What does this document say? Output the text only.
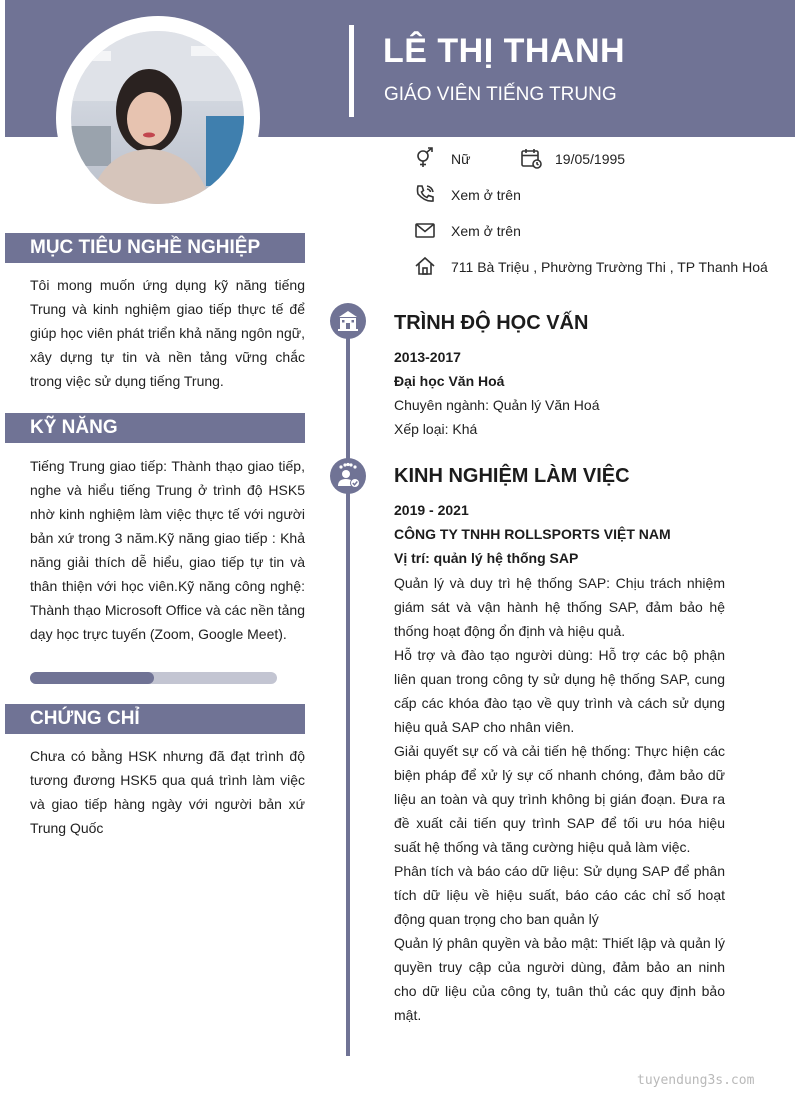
LÊ THỊ THANH
GIÁO VIÊN TIẾNG TRUNG
Nữ	19/05/1995
Xem ở trên
Xem ở trên
711 Bà Triệu , Phường Trường Thi , TP Thanh Hoá
MỤC TIÊU NGHỀ NGHIỆP
Tôi mong muốn ứng dụng kỹ năng tiếng Trung và kinh nghiệm giao tiếp thực tế để giúp học viên phát triển khả năng ngôn ngữ, xây dựng tự tin và nền tảng vững chắc trong việc sử dụng tiếng Trung.
KỸ NĂNG
Tiếng Trung giao tiếp: Thành thạo giao tiếp, nghe và hiểu tiếng Trung ở trình độ HSK5 nhờ kinh nghiệm làm việc thực tế với người bản xứ trong 3 năm.Kỹ năng giao tiếp : Khả năng giải thích dễ hiểu, giao tiếp tự tin và thân thiện với học viên.Kỹ năng công nghệ: Thành thạo Microsoft Office và các nền tảng dạy học trực tuyến (Zoom, Google Meet).
CHỨNG CHỈ
Chưa có bằng HSK nhưng đã đạt trình độ tương đương HSK5 qua quá trình làm việc và giao tiếp hàng ngày với người bản xứ Trung Quốc
TRÌNH ĐỘ HỌC VẤN
2013-2017
Đại học Văn Hoá
Chuyên ngành: Quản lý Văn Hoá
Xếp loại: Khá
KINH NGHIỆM LÀM VIỆC
2019 - 2021
CÔNG TY TNHH ROLLSPORTS VIỆT NAM
Vị trí: quản lý hệ thống SAP

Quản lý và duy trì hệ thống SAP: Chịu trách nhiệm giám sát và vận hành hệ thống SAP, đảm bảo hệ thống hoạt động ổn định và hiệu quả.

Hỗ trợ và đào tạo người dùng: Hỗ trợ các bộ phận liên quan trong công ty sử dụng hệ thống SAP, cung cấp các khóa đào tạo về quy trình và cách sử dụng hiệu quả SAP cho nhân viên.

Giải quyết sự cố và cải tiến hệ thống: Thực hiện các biện pháp để xử lý sự cố nhanh chóng, đảm bảo dữ liệu an toàn và quy trình không bị gián đoạn. Đưa ra đề xuất cải tiến quy trình SAP để tối ưu hóa hiệu suất hệ thống và tăng cường hiệu quả làm việc.

Phân tích và báo cáo dữ liệu: Sử dụng SAP để phân tích dữ liệu về hiệu suất, báo cáo các chỉ số hoạt động quan trọng cho ban quản lý

Quản lý phân quyền và bảo mật: Thiết lập và quản lý quyền truy cập của người dùng, đảm bảo an ninh cho dữ liệu của công ty, tuân thủ các quy định bảo mật.

tuyendung3s.com
